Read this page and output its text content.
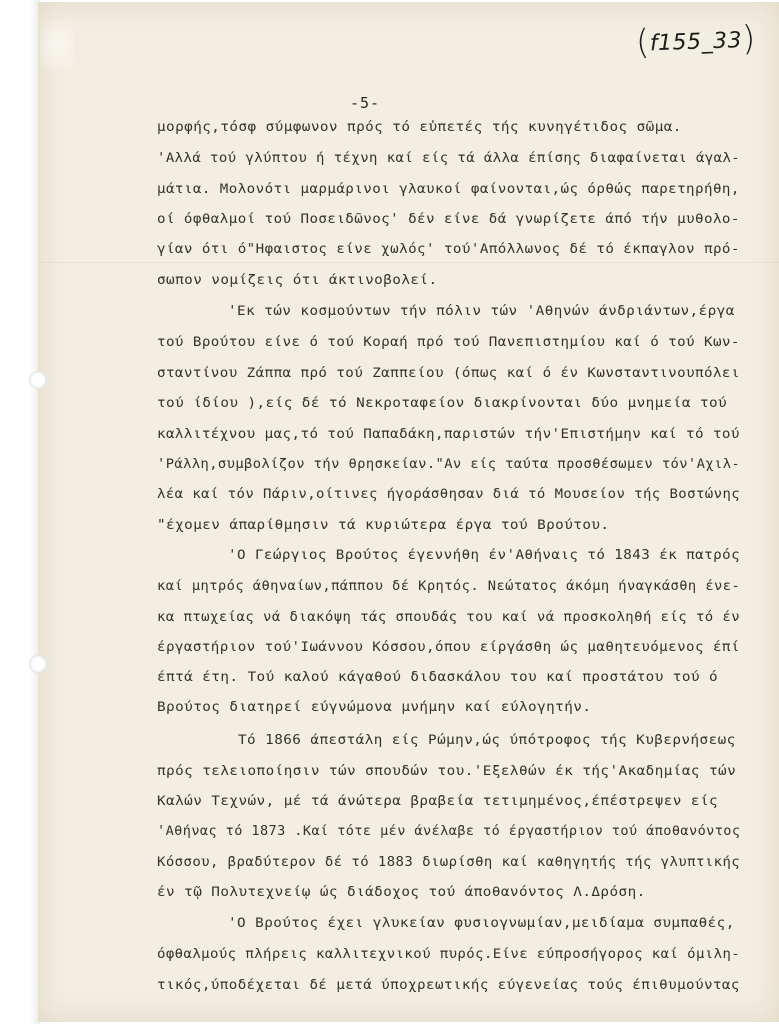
(f155_33)
-5-
μορφής,τόσφ σύμφωνον πρός τό εὐπετές τής κυνηγέτιδος σῶμα.
'Αλλά τού γλύπτου ή τέχνη καί είς τά άλλα έπίσης διαφαίνεται άγαλ-
μάτια. Μολονότι μαρμάρινοι γλαυκοί φαίνονται,ώς όρθώς παρετηρήθη,
οί όφθαλμοί τού Ποσειδῶνος' δέν είνε δά γνωρίζετε άπό τήν μυθολο-
γίαν ότι ό"Ηφαιστος είνε χωλός' τού'Απόλλωνος δέ τό έκπαγλον πρό-
σωπον νομίζεις ότι άκτινοβολεί.
'Εκ τών κοσμούντων τήν πόλιν τών 'Αθηνών άνδριάντων,έργα
τού Βρούτου είνε ό τού Κοραή πρό τού Πανεπιστημίου καί ό τού Κων-
σταντίνου Ζάππα πρό τού Ζαππείου (όπως καί ό έν Κωνσταντινουπόλει
τού ίδίου ),είς δέ τό Νεκροταφείον διακρίνονται δύο μνημεία τού
καλλιτέχνου μας,τό τού Παπαδάκη,παριστών τήν'Επιστήμην καί τό τού
'Ράλλη,συμβολίζον τήν θρησκείαν."Αν είς ταύτα προσθέσωμεν τόν'Αχιλ-
λέα καί τόν Πάριν,οίτινες ήγοράσθησαν διά τό Μουσείον τής Βοστώνης
"έχομεν άπαρίθμησιν τά κυριώτερα έργα τού Βρούτου.
'Ο Γεώργιος Βρούτος έγεννήθη έν'Αθήναις τό 1843 έκ πατρός
καί μητρός άθηναίων,πάππου δέ Κρητός. Νεώτατος άκόμη ήναγκάσθη ένε-
κα πτωχείας νά διακόψη τάς σπουδάς του καί νά προσκοληθή είς τό έν
έργαστήριον τού'Ιωάννου Κόσσου,όπου είργάσθη ώς μαθητευόμενος έπί
έπτά έτη. Τού καλού κάγαθού διδασκάλου του καί προστάτου τού ό
Βρούτος διατηρεί εύγνώμονα μνήμην καί εύλογητήν.
Τό 1866 άπεστάλη είς Ρώμην,ώς ύπότροφος τής Κυβερνήσεως
πρός τελειοποίησιν τών σπουδών του.'Εξελθών έκ τής'Ακαδημίας τών
Καλών Τεχνών, μέ τά άνώτερα βραβεία τετιμημένος,έπέστρεψεν είς
'Αθήνας τό 1873 .Καί τότε μέν άνέλαβε τό έργαστήριον τού άποθανόντος
Κόσσου, βραδύτερον δέ τό 1883 διωρίσθη καί καθηγητής τής γλυπτικής
έν τῷ Πολυτεχνείῳ ώς διάδοχος τού άποθανόντος Λ.Δρόση.
'Ο Βρούτος έχει γλυκείαν φυσιογνωμίαν,μειδίαμα συμπαθές,
όφθαλμούς πλήρεις καλλιτεχνικού πυρός.Είνε εύπροσήγορος καί όμιλη-
τικός,ύποδέχεται δέ μετά ύποχρεωτικής εύγενείας τούς έπιθυμούντας
